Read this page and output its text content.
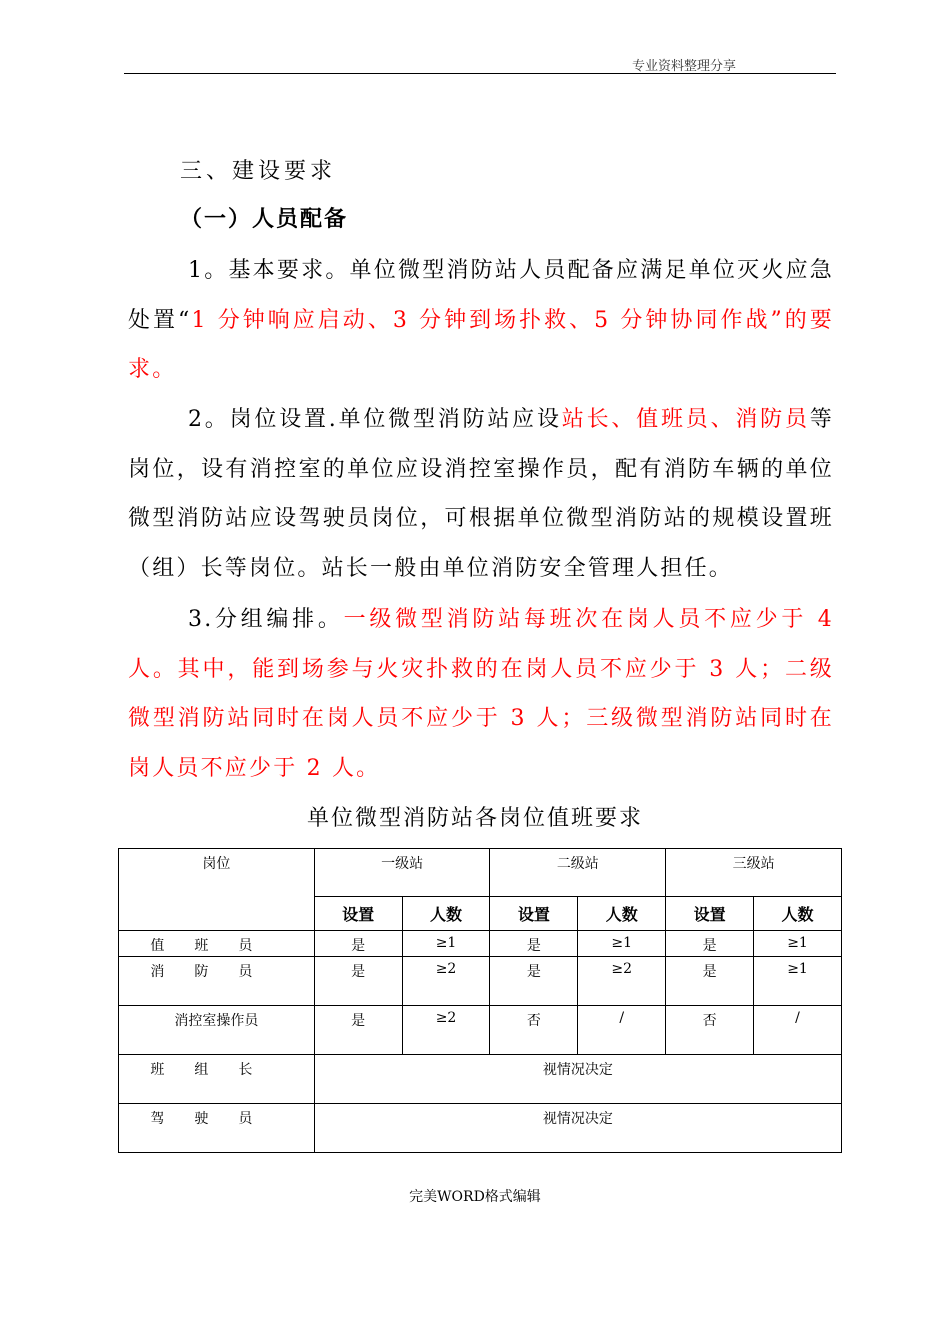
专业资料整理分享
三、建设要求
（一）人员配备
1。基本要求。单位微型消防站人员配备应满足单位灭火应急处置“1 分钟响应启动、3 分钟到场扑救、5 分钟协同作战”的要求。
2。岗位设置.单位微型消防站应设站长、值班员、消防员等岗位，设有消控室的单位应设消控室操作员，配有消防车辆的单位微型消防站应设驾驶员岗位，可根据单位微型消防站的规模设置班（组）长等岗位。站长一般由单位消防安全管理人担任。
3.分组编排。一级微型消防站每班次在岗人员不应少于 4 人。其中，能到场参与火灾扑救的在岗人员不应少于 3 人；二级微型消防站同时在岗人员不应少于 3 人；三级微型消防站同时在岗人员不应少于 2 人。
单位微型消防站各岗位值班要求
岗位	一级站		二级站		三级站	
	设置	人数	设置	人数	设置	人数
值班员	是	≥1	是	≥1	是	≥1
消防员	是	≥2	是	≥2	是	≥1
消控室操作员	是	≥2	否	/	否	/
班组长	视情况决定					
驾驶员	视情况决定					
完美WORD格式编辑
